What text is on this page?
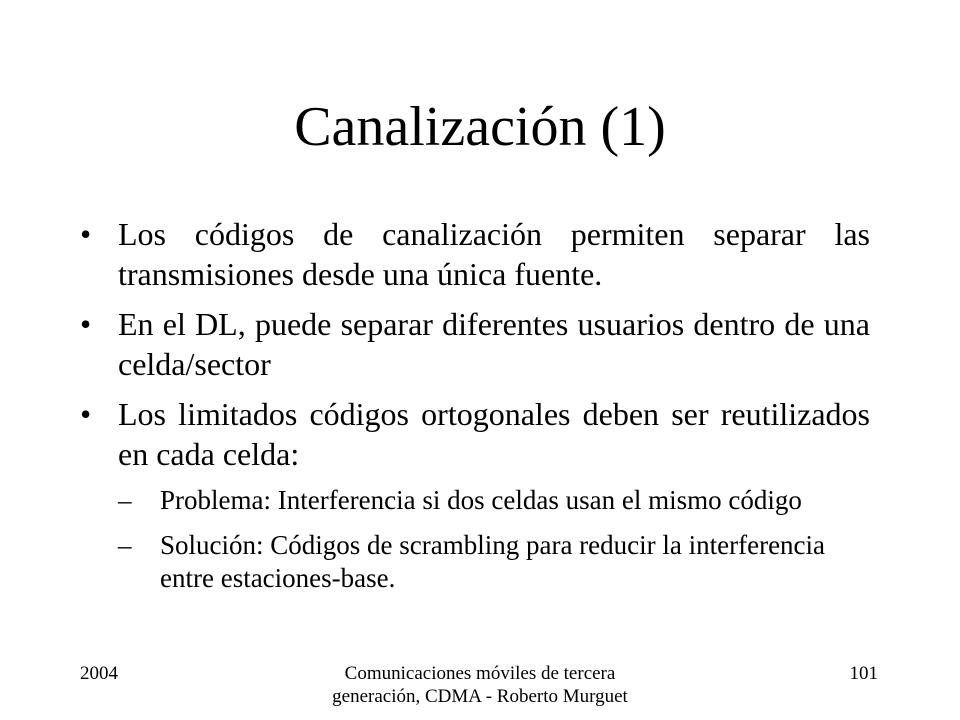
Canalización (1)
• Los códigos de canalización permiten separar las transmisiones desde una única fuente.
• En el DL, puede separar diferentes usuarios dentro de una celda/sector
• Los limitados códigos ortogonales deben ser reutilizados en cada celda:
– Problema: Interferencia si dos celdas usan el mismo código
– Solución: Códigos de scrambling para reducir la interferencia entre estaciones-base.
2004	Comunicaciones móviles de tercera generación, CDMA - Roberto Murguet
101
